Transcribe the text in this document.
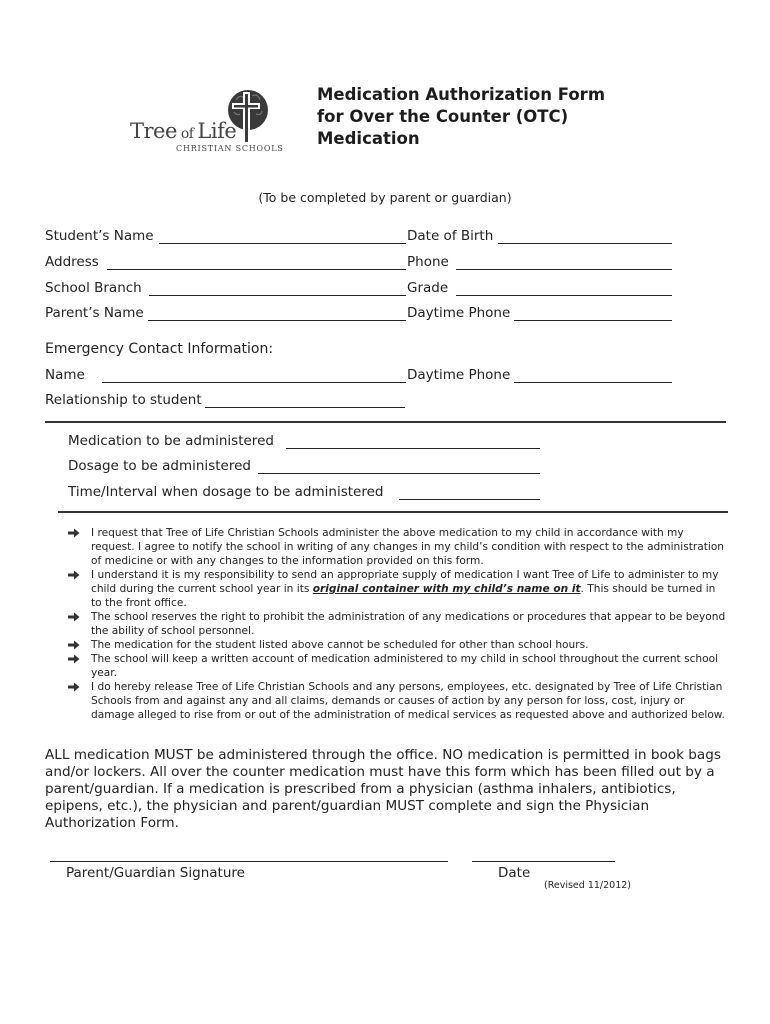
Tree of Life
CHRISTIAN SCHOOLS
Medication Authorization Form
for Over the Counter (OTC)
Medication
(To be completed by parent or guardian)
Student’s Name	Date of Birth
Address	Phone
School Branch	Grade
Parent’s Name	Daytime Phone
Emergency Contact Information:
Name	Daytime Phone
Relationship to student
Medication to be administered
Dosage to be administered
Time/Interval when dosage to be administered
I request that Tree of Life Christian Schools administer the above medication to my child in accordance with my request. I agree to notify the school in writing of any changes in my child’s condition with respect to the administration of medicine or with any changes to the information provided on this form.
I understand it is my responsibility to send an appropriate supply of medication I want Tree of Life to administer to my child during the current school year in its original container with my child’s name on it. This should be turned in to the front office.
The school reserves the right to prohibit the administration of any medications or procedures that appear to be beyond the ability of school personnel.
The medication for the student listed above cannot be scheduled for other than school hours.
The school will keep a written account of medication administered to my child in school throughout the current school year.
I do hereby release Tree of Life Christian Schools and any persons, employees, etc. designated by Tree of Life Christian Schools from and against any and all claims, demands or causes of action by any person for loss, cost, injury or damage alleged to rise from or out of the administration of medical services as requested above and authorized below.
ALL medication MUST be administered through the office. NO medication is permitted in book bags and/or lockers. All over the counter medication must have this form which has been filled out by a parent/guardian. If a medication is prescribed from a physician (asthma inhalers, antibiotics, epipens, etc.), the physician and parent/guardian MUST complete and sign the Physician Authorization Form.
Parent/Guardian Signature	Date
(Revised 11/2012)
